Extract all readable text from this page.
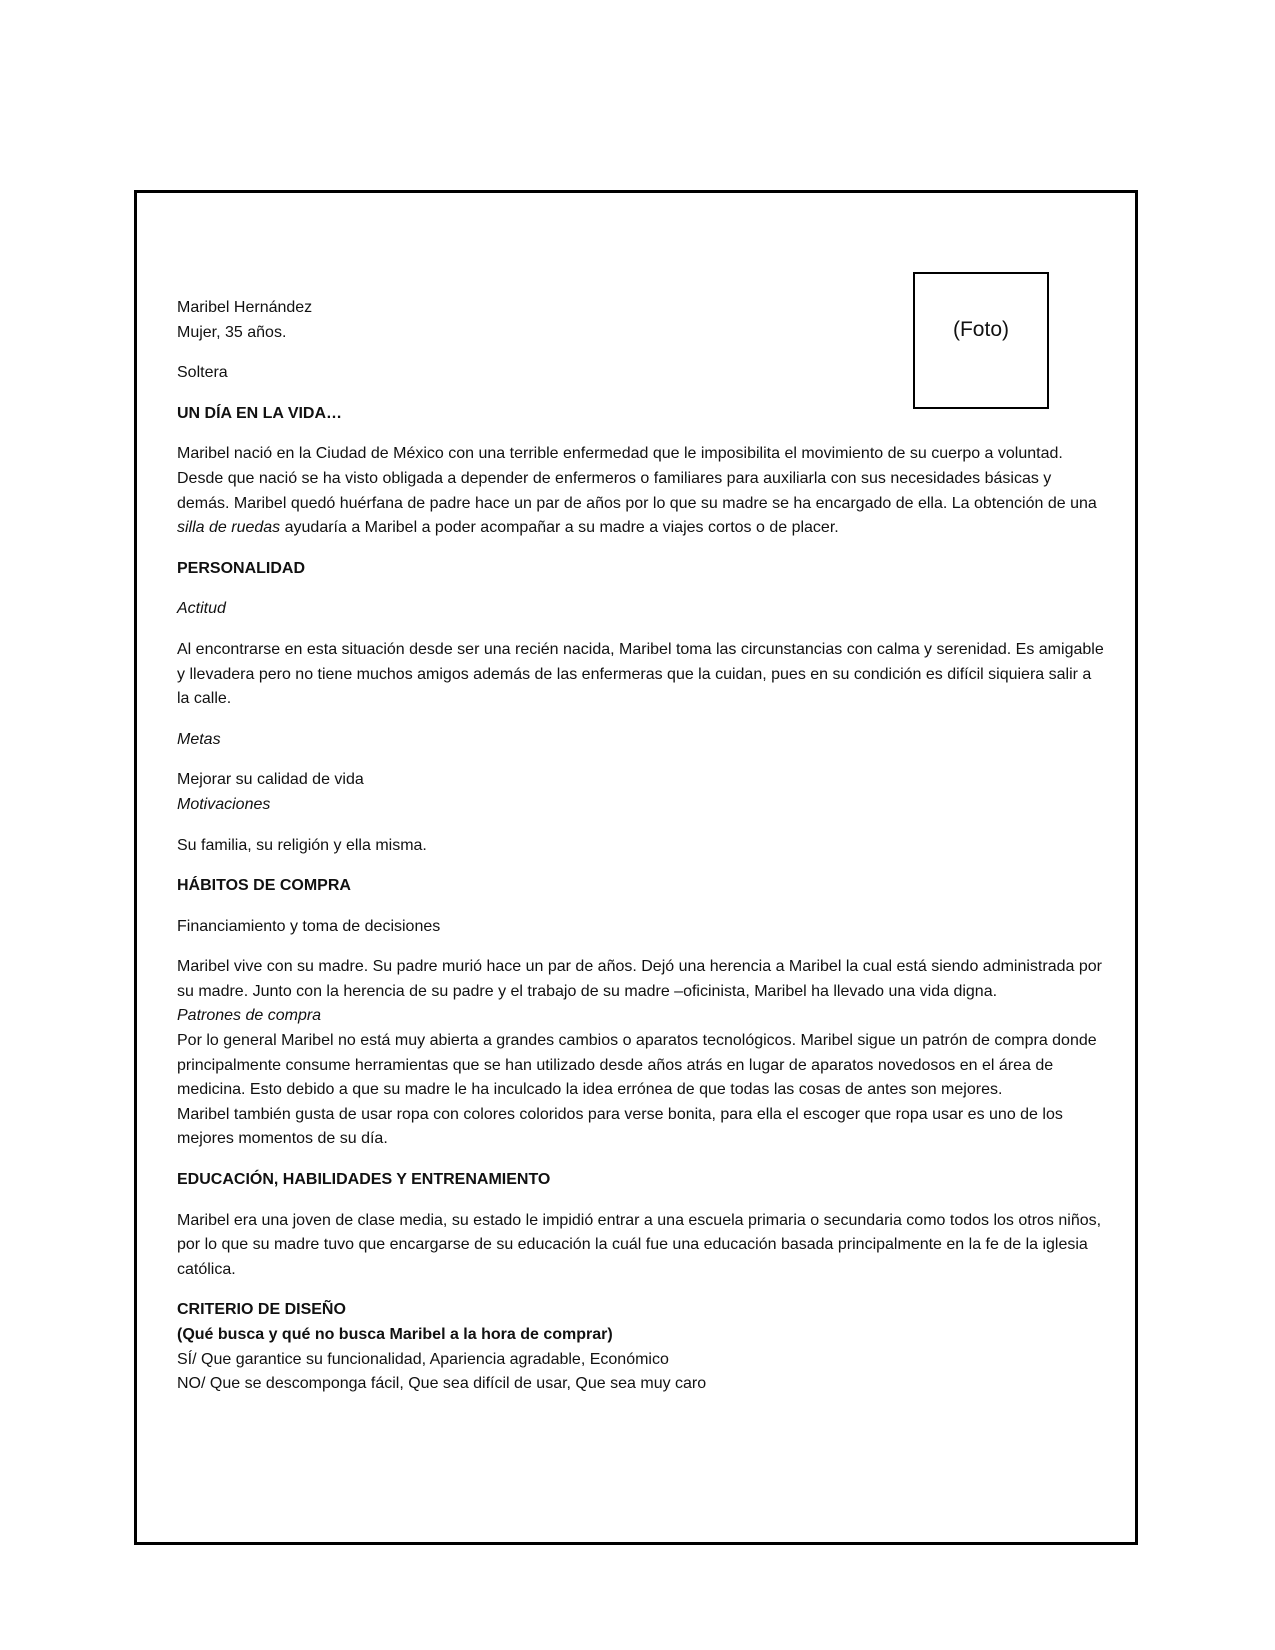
(Foto)

Maribel Hernández

Mujer, 35 años.

Soltera

UN DÍA EN LA VIDA…

Maribel nació en la Ciudad de México con una terrible enfermedad que le imposibilita el movimiento de su cuerpo a voluntad. Desde que nació se ha visto obligada a depender de enfermeros o familiares para auxiliarla con sus necesidades básicas y demás. Maribel quedó huérfana de padre hace un par de años por lo que su madre se ha encargado de ella. La obtención de una silla de ruedas ayudaría a Maribel a poder acompañar a su madre a viajes cortos o de placer.

PERSONALIDAD

Actitud

Al encontrarse en esta situación desde ser una recién nacida, Maribel toma las circunstancias con calma y serenidad. Es amigable y llevadera pero no tiene muchos amigos además de las enfermeras que la cuidan, pues en su condición es difícil siquiera salir a la calle.

Metas

Mejorar su calidad de vida

Motivaciones

Su familia, su religión y ella misma.

HÁBITOS DE COMPRA

Financiamiento y toma de decisiones

Maribel vive con su madre. Su padre murió hace un par de años. Dejó una herencia a Maribel la cual está siendo administrada por su madre. Junto con la herencia de su padre y el trabajo de su madre –oficinista, Maribel ha llevado una vida digna.

Patrones de compra

Por lo general Maribel no está muy abierta a grandes cambios o aparatos tecnológicos. Maribel sigue un patrón de compra donde principalmente consume herramientas que se han utilizado desde años atrás en lugar de aparatos novedosos en el área de medicina. Esto debido a que su madre le ha inculcado la idea errónea de que todas las cosas de antes son mejores.

Maribel también gusta de usar ropa con colores coloridos para verse bonita, para ella el escoger que ropa usar es uno de los mejores momentos de su día.

EDUCACIÓN, HABILIDADES Y ENTRENAMIENTO

Maribel era una joven de clase media, su estado le impidió entrar a una escuela primaria o secundaria como todos los otros niños, por lo que su madre tuvo que encargarse de su educación la cuál fue una educación basada principalmente en la fe de la iglesia católica.

CRITERIO DE DISEÑO

(Qué busca y qué no busca Maribel a la hora de comprar)

SÍ/ Que garantice su funcionalidad, Apariencia agradable, Económico

NO/ Que se descomponga fácil, Que sea difícil de usar, Que sea muy caro
